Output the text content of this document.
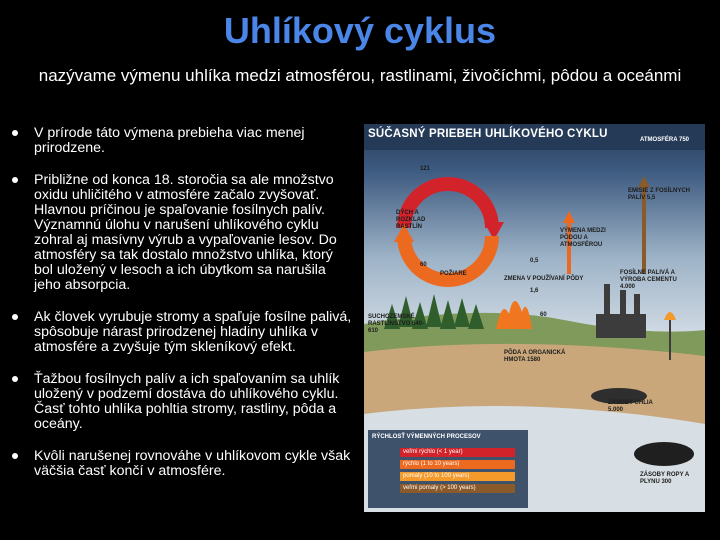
Uhlíkový cyklus
nazývame výmenu uhlíka medzi atmosférou, rastlinami, živočíchmi, pôdou a oceánmi
V prírode táto výmena prebieha viac menej prirodzene.
Približne od konca 18. storočia sa ale množstvo oxidu uhličitého v atmosfére začalo zvyšovať. Hlavnou príčinou je spaľovanie fosílnych palív. Významnú úlohu v narušení uhlíkového cyklu zohral aj masívny výrub a vypaľovanie lesov. Do atmosféry sa tak dostalo množstvo uhlíka, ktorý bol uložený v lesoch a ich úbytkom sa narušila jeho absorpcia.
Ak človek vyrubuje stromy a spaľuje fosílne palivá, spôsobuje nárast prirodzenej hladiny uhlíka v atmosfére a zvyšuje tým skleníkový efekt.
Ťažbou fosílnych palív a ich spaľovaním sa uhlík uložený v podzemí dostáva do uhlíkového cyklu. Časť tohto uhlíka pohltia stromy, rastliny, pôda a oceány.
Kvôli narušenej rovnováhe v uhlíkovom cykle však väčšia časť končí v atmosfére.
SÚČASNÝ PRIEBEH UHLÍKOVÉHO CYKLU	ATMOSFÉRA 750
121
EMISIE Z FOSÍLNYCH PALÍV 5,5
DÝCH A ROZKLAD RASTLÍN
VÝMENA MEDZI PÔDOU A ATMOSFÉROU
60
0,5
POŽIARE
ZMENA V POUŽÍVANÍ PÔDY
1,6
FOSÍLNE PALIVÁ A VÝROBA CEMENTU 4.000
SUCHOZEMSKÉ RASTLINSTVO 540-610
60
PÔDA A ORGANICKÁ HMOTA 1580
ZÁSOBY UHLIA 5.000
ZÁSOBY ROPY A PLYNU 300
RÝCHLOSŤ VÝMENNÝCH PROCESOV
veľmi rýchlo (< 1 year)
rýchlo (1 to 10 years)
pomaly (10 to 100 years)
veľmi pomaly (> 100 years)
